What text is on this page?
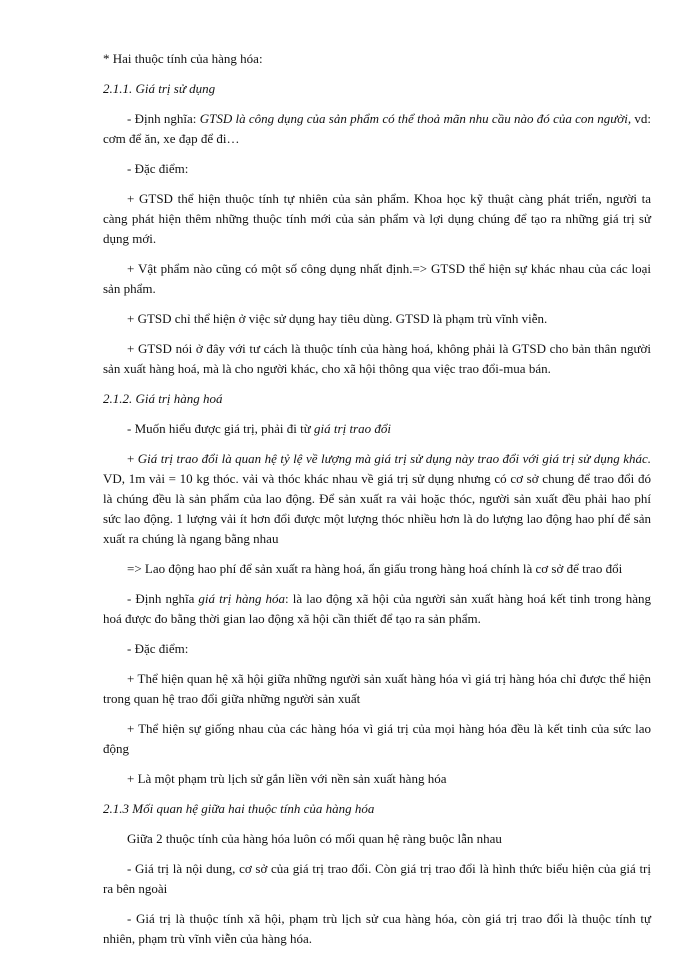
* Hai thuộc tính của hàng hóa:

2.1.1. Giá trị sử dụng

- Định nghĩa: GTSD là công dụng của sản phẩm có thể thoả mãn nhu cầu nào đó của con người, vd: cơm để ăn, xe đạp để đi…

- Đặc điểm:

+ GTSD thể hiện thuộc tính tự nhiên của sản phẩm. Khoa học kỹ thuật càng phát triển, người ta càng phát hiện thêm những thuộc tính mới của sản phẩm và lợi dụng chúng để tạo ra những giá trị sử dụng mới.

+ Vật phẩm nào cũng có một số công dụng nhất định.=> GTSD thể hiện sự khác nhau của các loại sản phẩm.

+ GTSD chỉ thể hiện ở việc sử dụng hay tiêu dùng. GTSD là phạm trù vĩnh viễn.

+ GTSD nói ở đây với tư cách là thuộc tính của hàng hoá, không phải là GTSD cho bản thân người sản xuất hàng hoá, mà là cho người khác, cho xã hội thông qua việc trao đổi-mua bán.

2.1.2. Giá trị hàng hoá

- Muốn hiểu được giá trị, phải đi từ giá trị trao đổi

+ Giá trị trao đổi là quan hệ tỷ lệ về lượng mà giá trị sử dụng này trao đổi với giá trị sử dụng khác. VD, 1m vải = 10 kg thóc. vải và thóc khác nhau về giá trị sử dụng nhưng có cơ sở chung để trao đổi đó là chúng đều là sản phẩm của lao động. Để sản xuất ra vải hoặc thóc, người sản xuất đều phải hao phí sức lao động. 1 lượng vải ít hơn đổi được một lượng thóc nhiều hơn là do lượng lao động hao phí để sản xuất ra chúng là ngang bằng nhau

=> Lao động hao phí để sản xuất ra hàng hoá, ẩn giấu trong hàng hoá chính là cơ sở để trao đổi

- Định nghĩa giá trị hàng hóa: là lao động xã hội của người sản xuất hàng hoá kết tinh trong hàng hoá được đo bằng thời gian lao động xã hội cần thiết để tạo ra sản phẩm.

- Đặc điểm:

+ Thể hiện quan hệ xã hội giữa những người sản xuất hàng hóa vì giá trị hàng hóa chỉ được thể hiện trong quan hệ trao đổi giữa những người sản xuất

+ Thể hiện sự giống nhau của các hàng hóa vì giá trị của mọi hàng hóa đều là kết tinh của sức lao động

+ Là một phạm trù lịch sử gắn liền với nền sản xuất hàng hóa

2.1.3 Mối quan hệ giữa hai thuộc tính của hàng hóa

Giữa 2 thuộc tính của hàng hóa luôn có mối quan hệ ràng buộc lẫn nhau

- Giá trị là nội dung, cơ sở của giá trị trao đổi. Còn giá trị trao đổi là hình thức biểu hiện của giá trị ra bên ngoài

- Giá trị là thuộc tính xã hội, phạm trù lịch sử cua hàng hóa, còn giá trị trao đổi là thuộc tính tự nhiên, phạm trù vĩnh viễn của hàng hóa.
